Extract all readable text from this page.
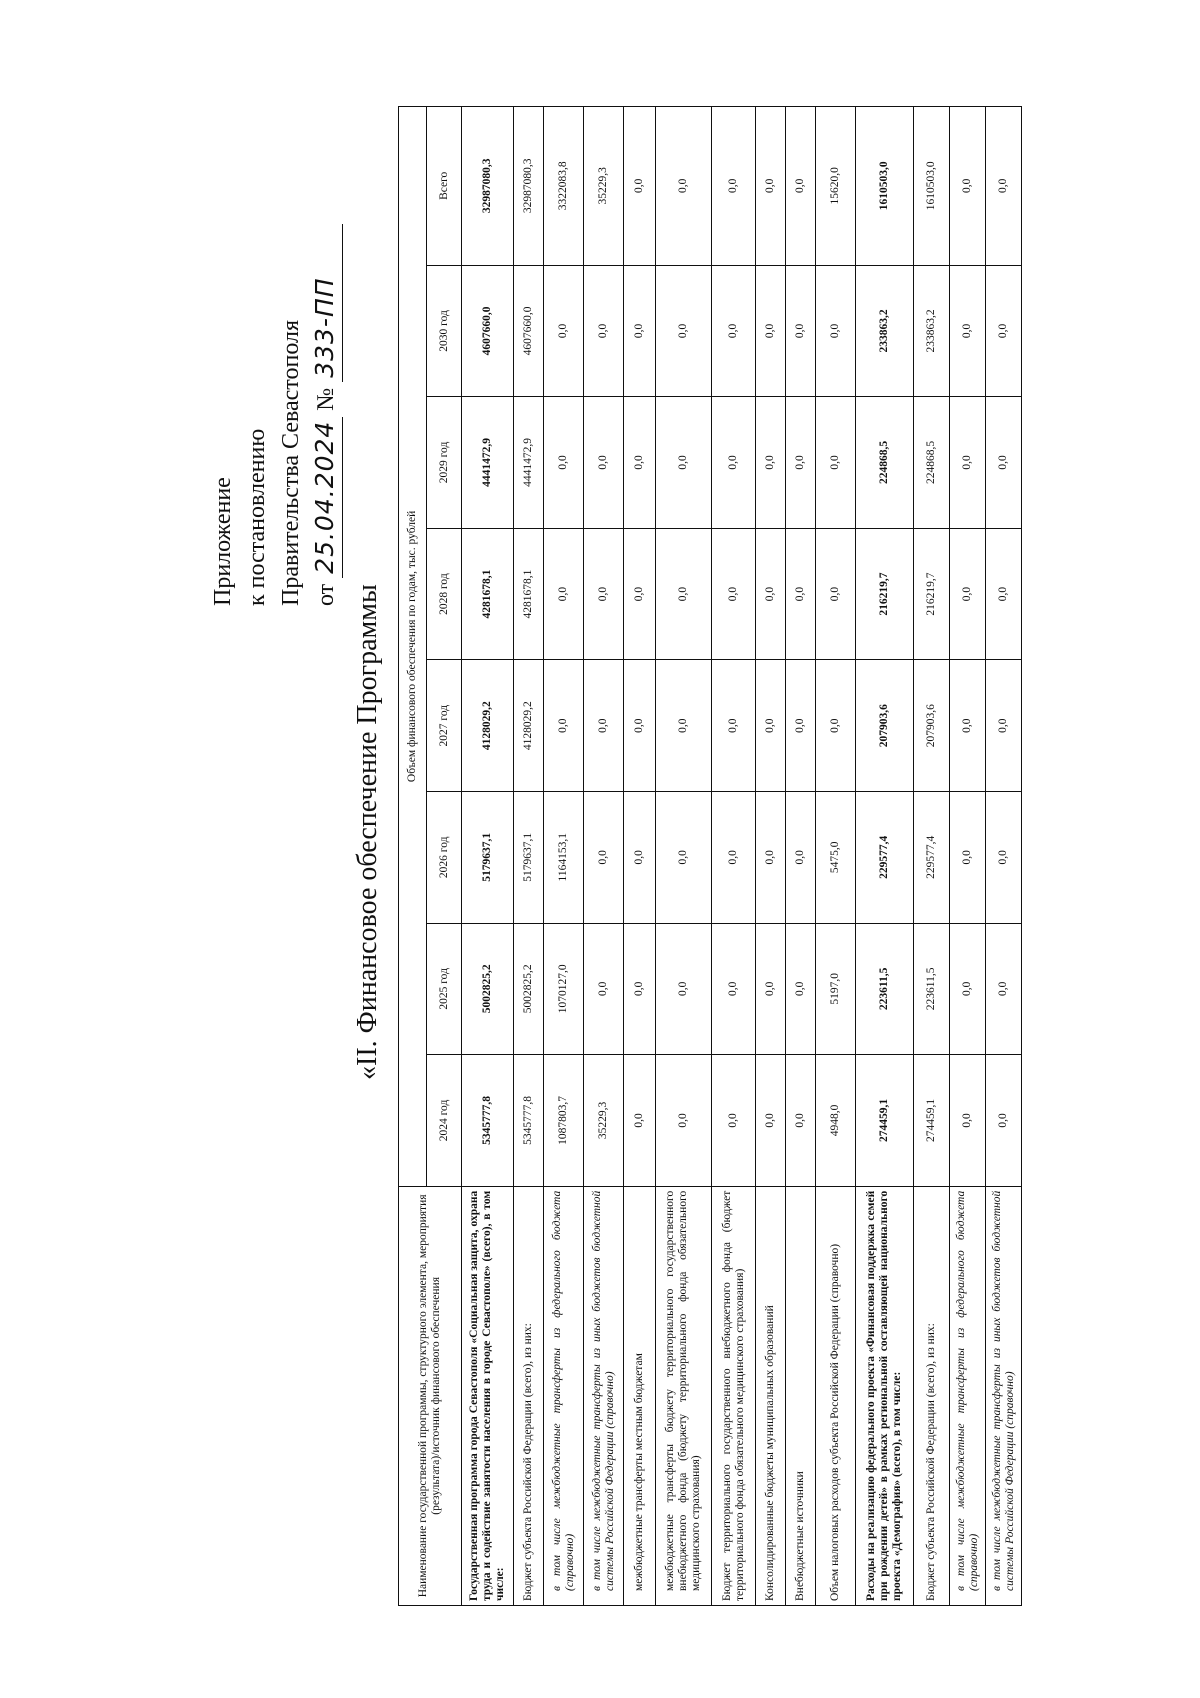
Приложение к постановлению Правительства Севастополя от 25.04.2024 № 333-ПП
«II. Финансовое обеспечение Программы
Наименование государственной программы, структурного элемента, мероприятия (результата)/источник финансового обеспечения	Объем финансового обеспечения по годам, тыс. рублей							
	2024 год	2025 год	2026 год	2027 год	2028 год	2029 год	2030 год	Всего
Государственная программа города Севастополя «Социальная защита, охрана труда и содействие занятости населения в городе Севастополе» (всего), в том числе:	5345777,8	5002825,2	5179637,1	4128029,2	4281678,1	4441472,9	4607660,0	32987080,3
Бюджет субъекта Российской Федерации (всего), из них:	5345777,8	5002825,2	5179637,1	4128029,2	4281678,1	4441472,9	4607660,0	32987080,3
в том числе межбюджетные трансферты из федерального бюджета (справочно)	1087803,7	1070127,0	1164153,1	0,0	0,0	0,0	0,0	3322083,8
в том числе межбюджетные трансферты из иных бюджетов бюджетной системы Российской Федерации (справочно)	35229,3	0,0	0,0	0,0	0,0	0,0	0,0	35229,3
межбюджетные трансферты местным бюджетам	0,0	0,0	0,0	0,0	0,0	0,0	0,0	0,0
межбюджетные трансферты бюджету территориального государственного внебюджетного фонда (бюджету территориального фонда обязательного медицинского страхования)	0,0	0,0	0,0	0,0	0,0	0,0	0,0	0,0
Бюджет территориального государственного внебюджетного фонда (бюджет территориального фонда обязательного медицинского страхования)	0,0	0,0	0,0	0,0	0,0	0,0	0,0	0,0
Консолидированные бюджеты муниципальных образований	0,0	0,0	0,0	0,0	0,0	0,0	0,0	0,0
Внебюджетные источники	0,0	0,0	0,0	0,0	0,0	0,0	0,0	0,0
Объем налоговых расходов субъекта Российской Федерации (справочно)	4948,0	5197,0	5475,0	0,0	0,0	0,0	0,0	15620,0
Расходы на реализацию федерального проекта «Финансовая поддержка семей при рождении детей» в рамках региональной составляющей национального проекта «Демография» (всего), в том числе:	274459,1	223611,5	229577,4	207903,6	216219,7	224868,5	233863,2	1610503,0
Бюджет субъекта Российской Федерации (всего), из них:	274459,1	223611,5	229577,4	207903,6	216219,7	224868,5	233863,2	1610503,0
в том числе межбюджетные трансферты из федерального бюджета (справочно)	0,0	0,0	0,0	0,0	0,0	0,0	0,0	0,0
в том числе межбюджетные трансферты из иных бюджетов бюджетной системы Российской Федерации (справочно)	0,0	0,0	0,0	0,0	0,0	0,0	0,0	0,0
